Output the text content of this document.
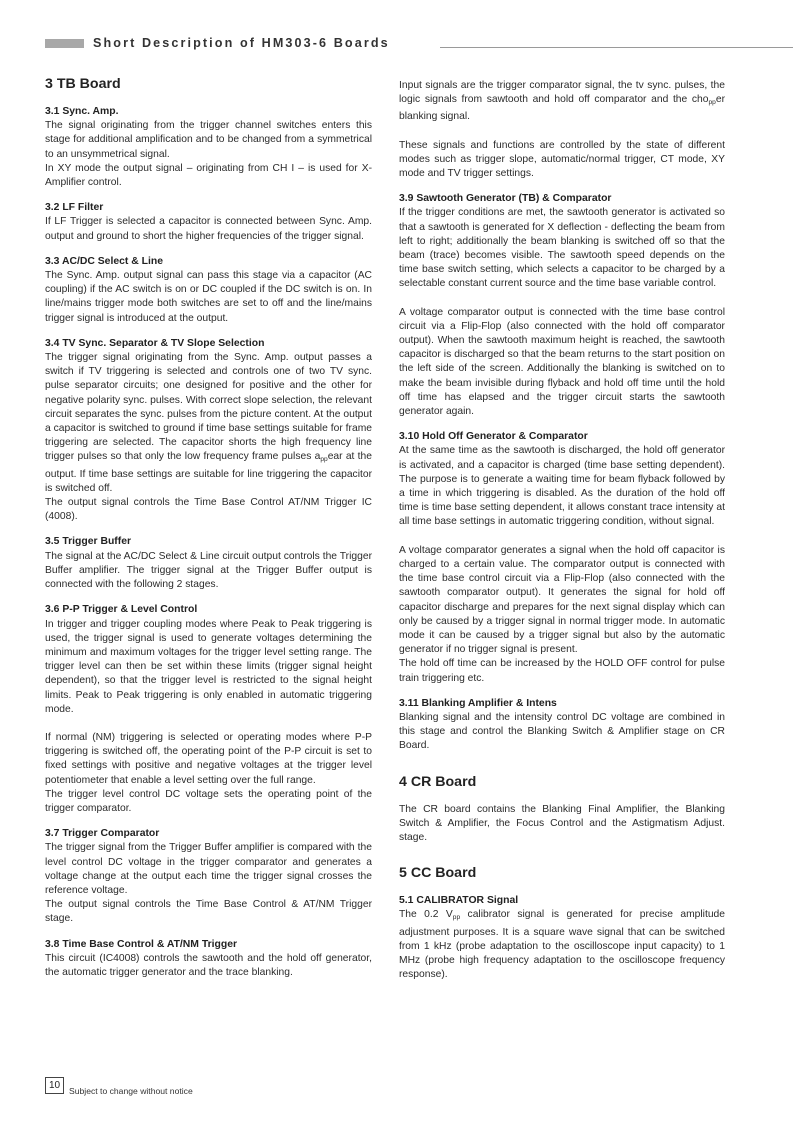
Short Description of HM303-6 Boards
3 TB Board
3.1 Sync. Amp.

The signal originating from the trigger channel switches enters this stage for additional amplification and to be changed from a symmetrical to an unsymmetrical signal.

In XY mode the output signal – originating from CH I – is used for X-Amplifier control.

3.2 LF Filter

If LF Trigger is selected a capacitor is connected between Sync. Amp. output and ground to short the higher frequencies of the trigger signal.

3.3 AC/DC Select & Line

The Sync. Amp. output signal can pass this stage via a capacitor (AC coupling) if the AC switch is on or DC coupled if the DC switch is on. In line/mains trigger mode both switches are set to off and the line/mains trigger signal is introduced at the output.

3.4 TV Sync. Separator & TV Slope Selection

The trigger signal originating from the Sync. Amp. output passes a switch if TV triggering is selected and controls one of two TV sync. pulse separator circuits; one designed for positive and the other for negative polarity sync. pulses. With correct slope selection, the relevant circuit separates the sync. pulses from the picture content. At the output a capacitor is switched to ground if time base settings suitable for frame triggering are selected. The capacitor shorts the high frequency line trigger pulses so that only the low frequency frame pulses $a_{pp}ear$ at the output. If time base settings are suitable for line triggering the capacitor is switched off.

The output signal controls the Time Base Control AT/NM Trigger IC (4008).

3.5 Trigger Buffer

The signal at the AC/DC Select & Line circuit output controls the Trigger Buffer amplifier. The trigger signal at the Trigger Buffer output is connected with the following 2 stages.

3.6 P-P Trigger & Level Control

In trigger and trigger coupling modes where Peak to Peak triggering is used, the trigger signal is used to generate voltages determining the minimum and maximum voltages for the trigger level setting range. The trigger level can then be set within these limits (trigger signal height dependent), so that the trigger level is restricted to the signal height limits. Peak to Peak triggering is only enabled in automatic triggering mode.

If normal (NM) triggering is selected or operating modes where P-P triggering is switched off, the operating point of the P-P circuit is set to fixed settings with positive and negative voltages at the trigger level potentiometer that enable a level setting over the full range.

The trigger level control DC voltage sets the operating point of the trigger comparator.

3.7 Trigger Comparator

The trigger signal from the Trigger Buffer amplifier is compared with the level control DC voltage in the trigger comparator and generates a voltage change at the output each time the trigger signal crosses the reference voltage.

The output signal controls the Time Base Control & AT/NM Trigger stage.

3.8 Time Base Control & AT/NM Trigger

This circuit (IC4008) controls the sawtooth and the hold off generator, the automatic trigger generator and the trace blanking.

Input signals are the trigger comparator signal, the tv sync. pulses, the logic signals from sawtooth and hold off comparator and the cho$_{pp}$er blanking signal.

These signals and functions are controlled by the state of different modes such as trigger slope, automatic/normal trigger, CT mode, XY mode and TV trigger settings.

3.9 Sawtooth Generator (TB) & Comparator

If the trigger conditions are met, the sawtooth generator is activated so that a sawtooth is generated for X deflection - deflecting the beam from left to right; additionally the beam blanking is switched off so that the beam (trace) becomes visible. The sawtooth speed depends on the time base switch setting, which selects a capacitor to be charged by a selectable constant current source and the time base variable control.

A voltage comparator output is connected with the time base control circuit via a Flip-Flop (also connected with the hold off comparator output). When the sawtooth maximum height is reached, the sawtooth capacitor is discharged so that the beam returns to the start position on the left side of the screen. Additionally the blanking is switched on to make the beam invisible during flyback and hold off time until the hold off time has elapsed and the trigger circuit starts the sawtooth generator again.

3.10 Hold Off Generator & Comparator

At the same time as the sawtooth is discharged, the hold off generator is activated, and a capacitor is charged (time base setting dependent). The purpose is to generate a waiting time for beam flyback followed by a time in which triggering is disabled. As the duration of the hold off time is time base setting dependent, it allows constant trace intensity at all time base settings in automatic triggering condition, without signal.

A voltage comparator generates a signal when the hold off capacitor is charged to a certain value. The comparator output is connected with the time base control circuit via a Flip-Flop (also connected with the sawtooth comparator output). It generates the signal for hold off capacitor discharge and prepares for the next signal display which can only be caused by a trigger signal in normal trigger mode. In automatic mode it can be caused by a trigger signal but also by the automatic generator if no trigger signal is present.

The hold off time can be increased by the HOLD OFF control for pulse train triggering etc.

3.11 Blanking Amplifier & Intens

Blanking signal and the intensity control DC voltage are combined in this stage and control the Blanking Switch & Amplifier stage on CR Board.

4 CR Board

The CR board contains the Blanking Final Amplifier, the Blanking Switch & Amplifier, the Focus Control and the Astigmatism Adjust. stage.

5 CC Board
5.1 CALIBRATOR Signal

The 0.2 $V_{pp}$ calibrator signal is generated for precise amplitude adjustment purposes. It is a square wave signal that can be switched from 1 kHz (probe adaptation to the oscilloscope input capacity) to 1 MHz (probe high frequency adaptation to the oscilloscope frequency response).

10	Subject to change without notice
